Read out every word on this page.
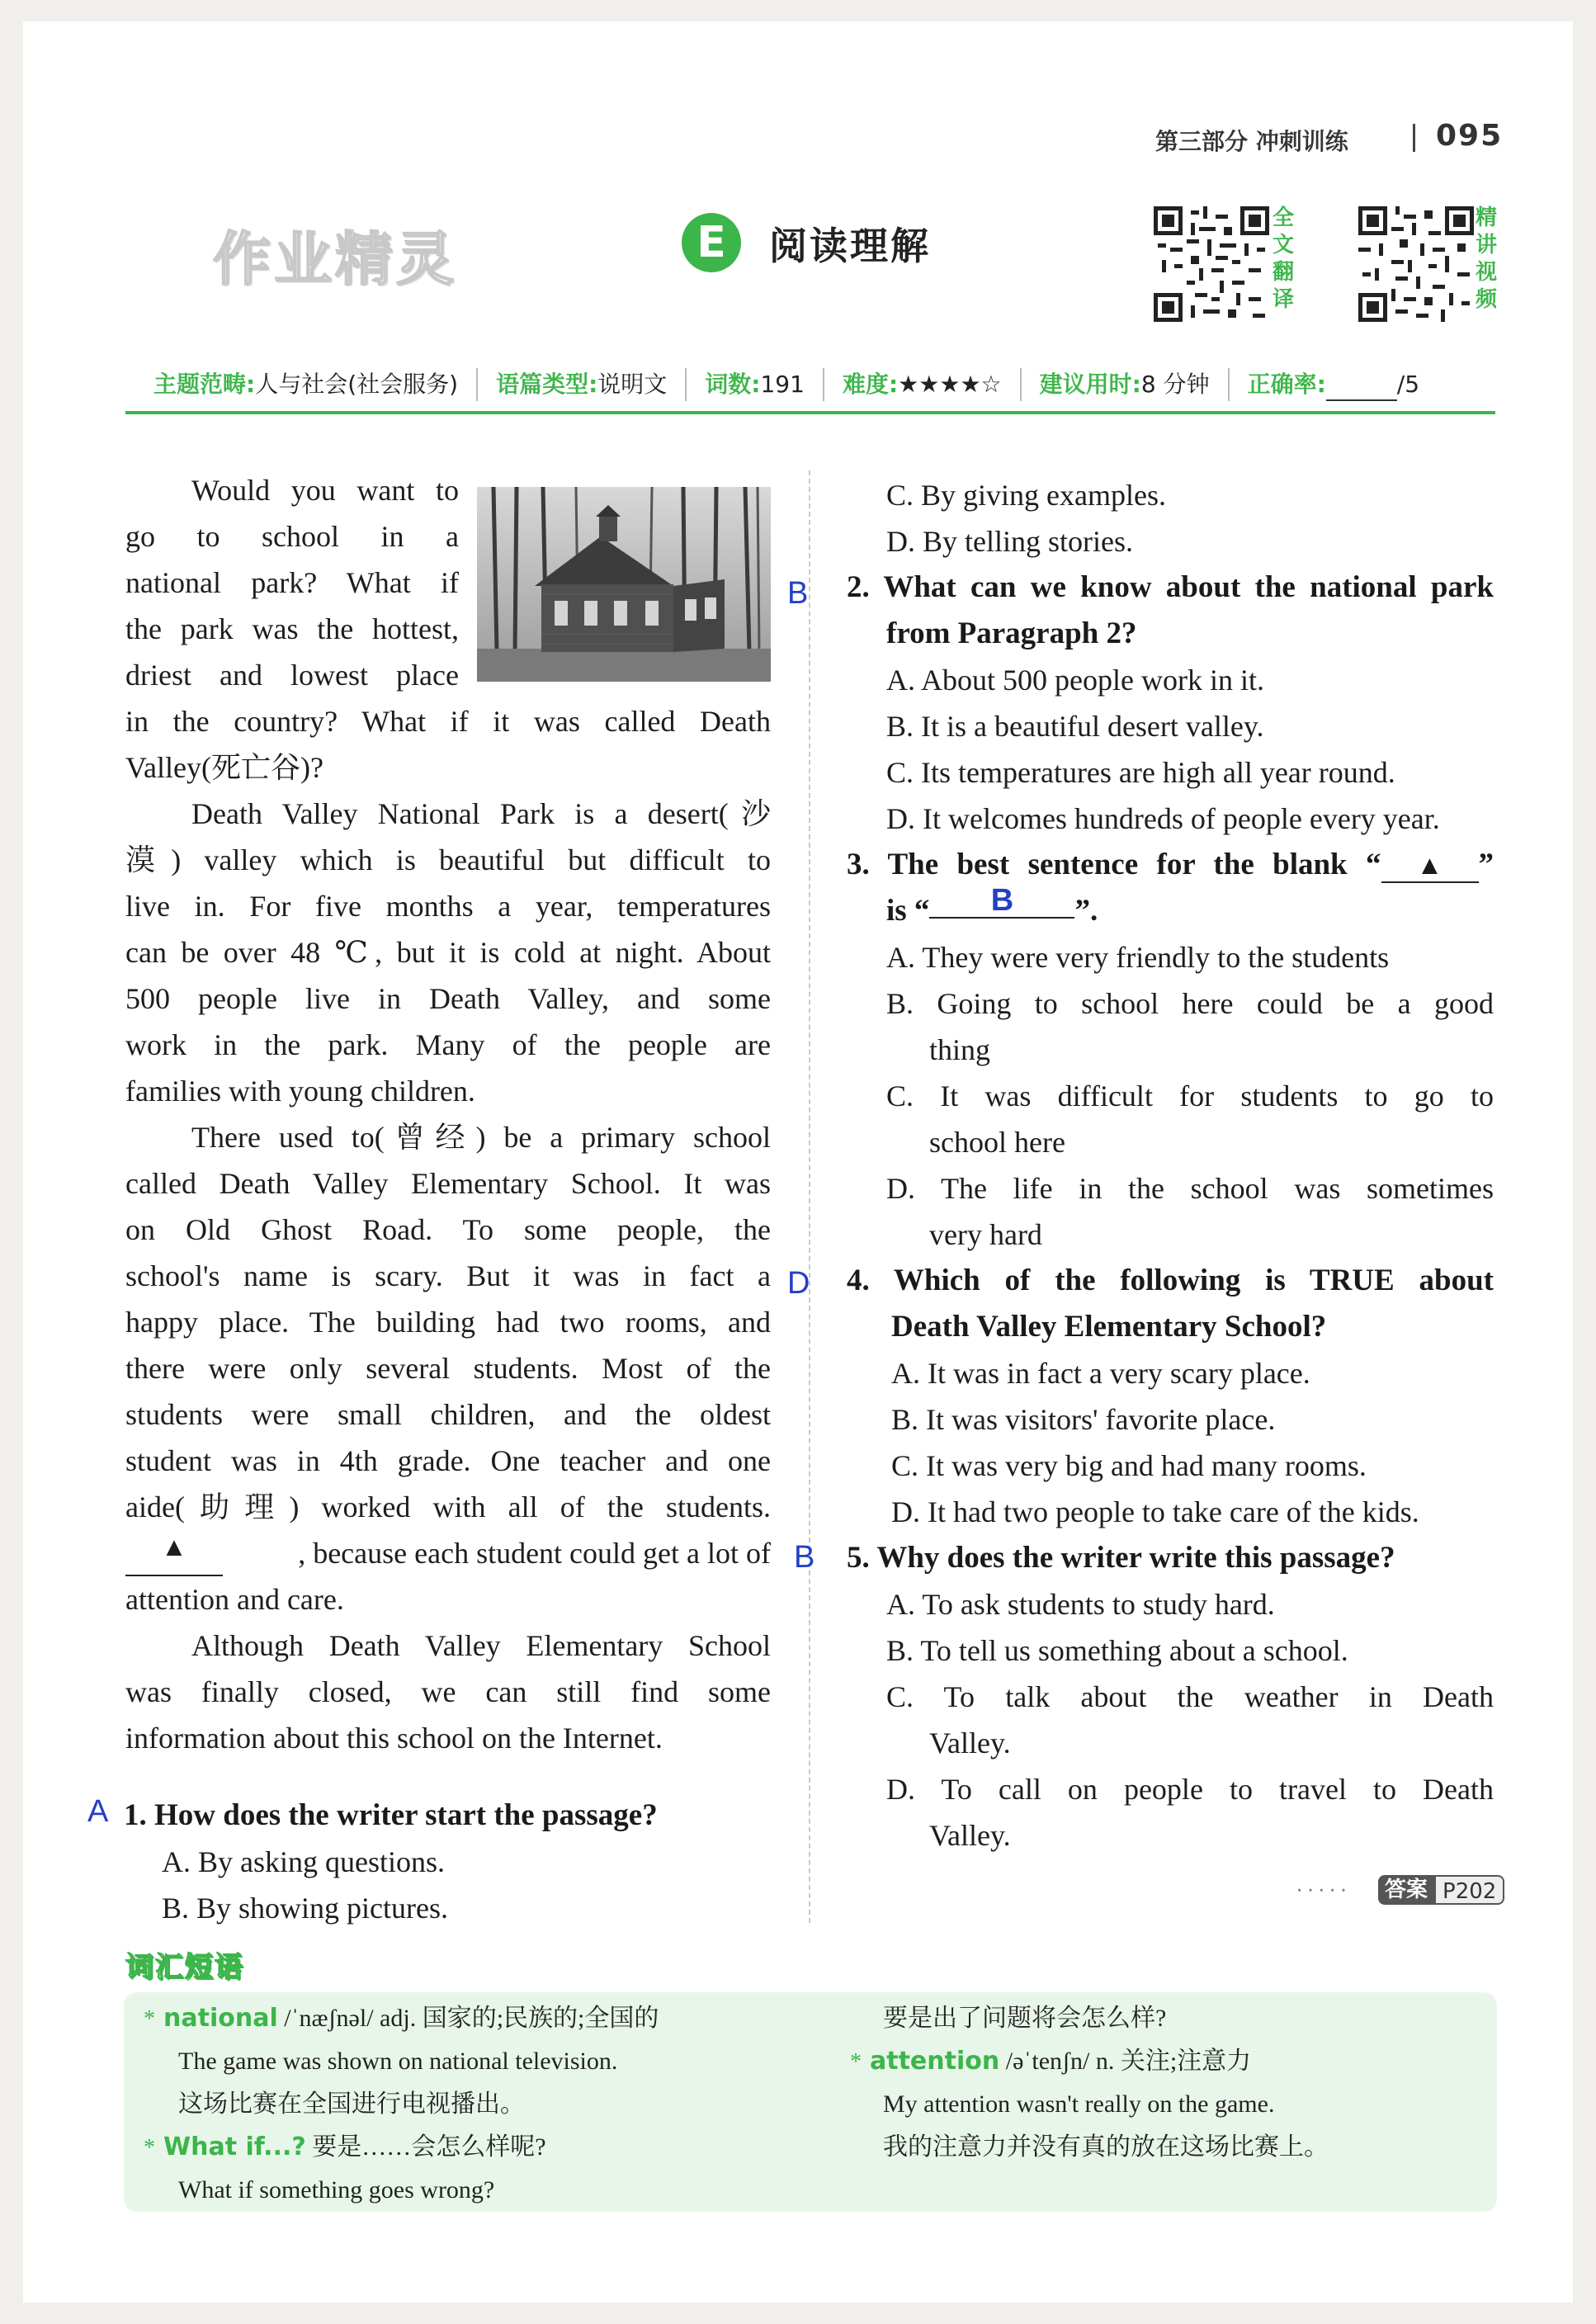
第三部分 冲刺训练	095
作业精灵	E	阅读理解
全文翻译
精讲视频
主题范畴:人与社会(社会服务)	语篇类型:说明文	词数:191	难度:★★★★☆	建议用时:8 分钟	正确率:	/5
Would you want to
go to school in a
national park? What if
the park was the hottest,
driest and lowest place
in the country? What if it was called Death
Valley(死亡谷)?
Death Valley National Park is a desert(沙
漠) valley which is beautiful but difficult to
live in. For five months a year, temperatures
can be over 48 ℃, but it is cold at night. About
500 people live in Death Valley, and some
work in the park. Many of the people are
families with young children.
There used to(曾经) be a primary school
called Death Valley Elementary School. It was
on Old Ghost Road. To some people, the
school's name is scary. But it was in fact a
happy place. The building had two rooms, and
there were only several students. Most of the
students were small children, and the oldest
student was in 4th grade. One teacher and one
aide(助理) worked with all of the students.
▲	, because each student could get a lot of
attention and care.
Although Death Valley Elementary School
was finally closed, we can still find some
information about this school on the Internet.
A 1. How does the writer start the passage?
A. By asking questions.
B. By showing pictures.
C. By giving examples.
D. By telling stories.
B 2. What can we know about the national park
from Paragraph 2?
A. About 500 people work in it.
B. It is a beautiful desert valley.
C. Its temperatures are high all year round.
D. It welcomes hundreds of people every year.
3. The best sentence for the blank “	▲	”
is “	B	”.
A. They were very friendly to the students
B. Going to school here could be a good
thing
C. It was difficult for students to go to
school here
D. The life in the school was sometimes
very hard
D 4. Which of the following is TRUE about
Death Valley Elementary School?
A. It was in fact a very scary place.
B. It was visitors' favorite place.
C. It was very big and had many rooms.
D. It had two people to take care of the kids.
B 5. Why does the writer write this passage?
A. To ask students to study hard.
B. To tell us something about a school.
C. To talk about the weather in Death
Valley.
D. To call on people to travel to Death
Valley.
·····	答案 P202
词汇短语
* national /ˈnæʃnəl/ adj. 国家的;民族的;全国的
The game was shown on national television.
这场比赛在全国进行电视播出。
* What if...? 要是……会怎么样呢?
What if something goes wrong?
要是出了问题将会怎么样?
* attention /əˈtenʃn/ n. 关注;注意力
My attention wasn't really on the game.
我的注意力并没有真的放在这场比赛上。
